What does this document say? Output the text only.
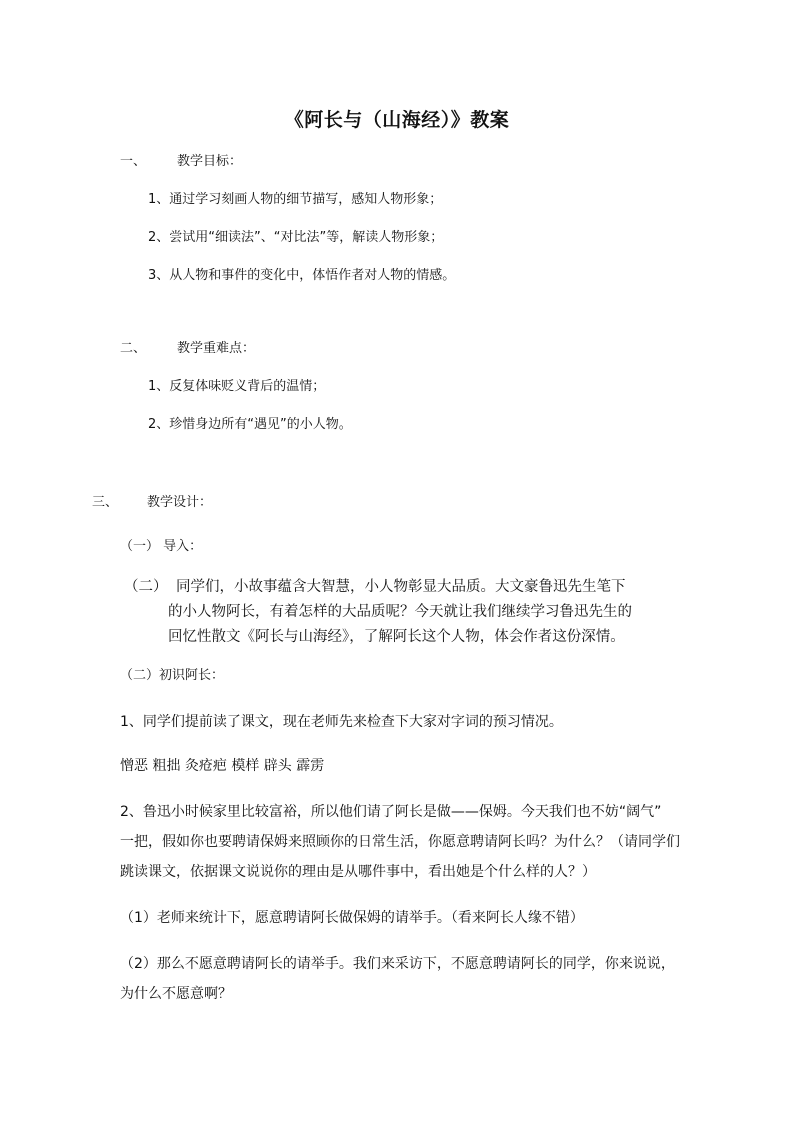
《阿长与（山海经）》教案
一、 教学目标：
1、通过学习刻画人物的细节描写，感知人物形象；
2、尝试用“细读法”、“对比法”等，解读人物形象；
3、从人物和事件的变化中，体悟作者对人物的情感。
二、 教学重难点：
1、反复体味贬义背后的温情；
2、珍惜身边所有“遇见”的小人物。
三、 教学设计：
（一） 导入：
（二） 同学们，小故事蕴含大智慧，小人物彰显大品质。大文豪鲁迅先生笔下
的小人物阿长，有着怎样的大品质呢？今天就让我们继续学习鲁迅先生的
回忆性散文《阿长与山海经》，了解阿长这个人物，体会作者这份深情。
（二）初识阿长：
1、同学们提前读了课文，现在老师先来检查下大家对字词的预习情况。
憎恶 粗拙 灸疮疤 模样 辟头 霹雳
2、鲁迅小时候家里比较富裕，所以他们请了阿长是做——保姆。今天我们也不妨“阔气”
一把，假如你也要聘请保姆来照顾你的日常生活，你愿意聘请阿长吗？为什么？（请同学们
跳读课文，依据课文说说你的理由是从哪件事中，看出她是个什么样的人？）
（1）老师来统计下，愿意聘请阿长做保姆的请举手。（看来阿长人缘不错）
（2）那么不愿意聘请阿长的请举手。我们来采访下，不愿意聘请阿长的同学，你来说说，
为什么不愿意啊？
